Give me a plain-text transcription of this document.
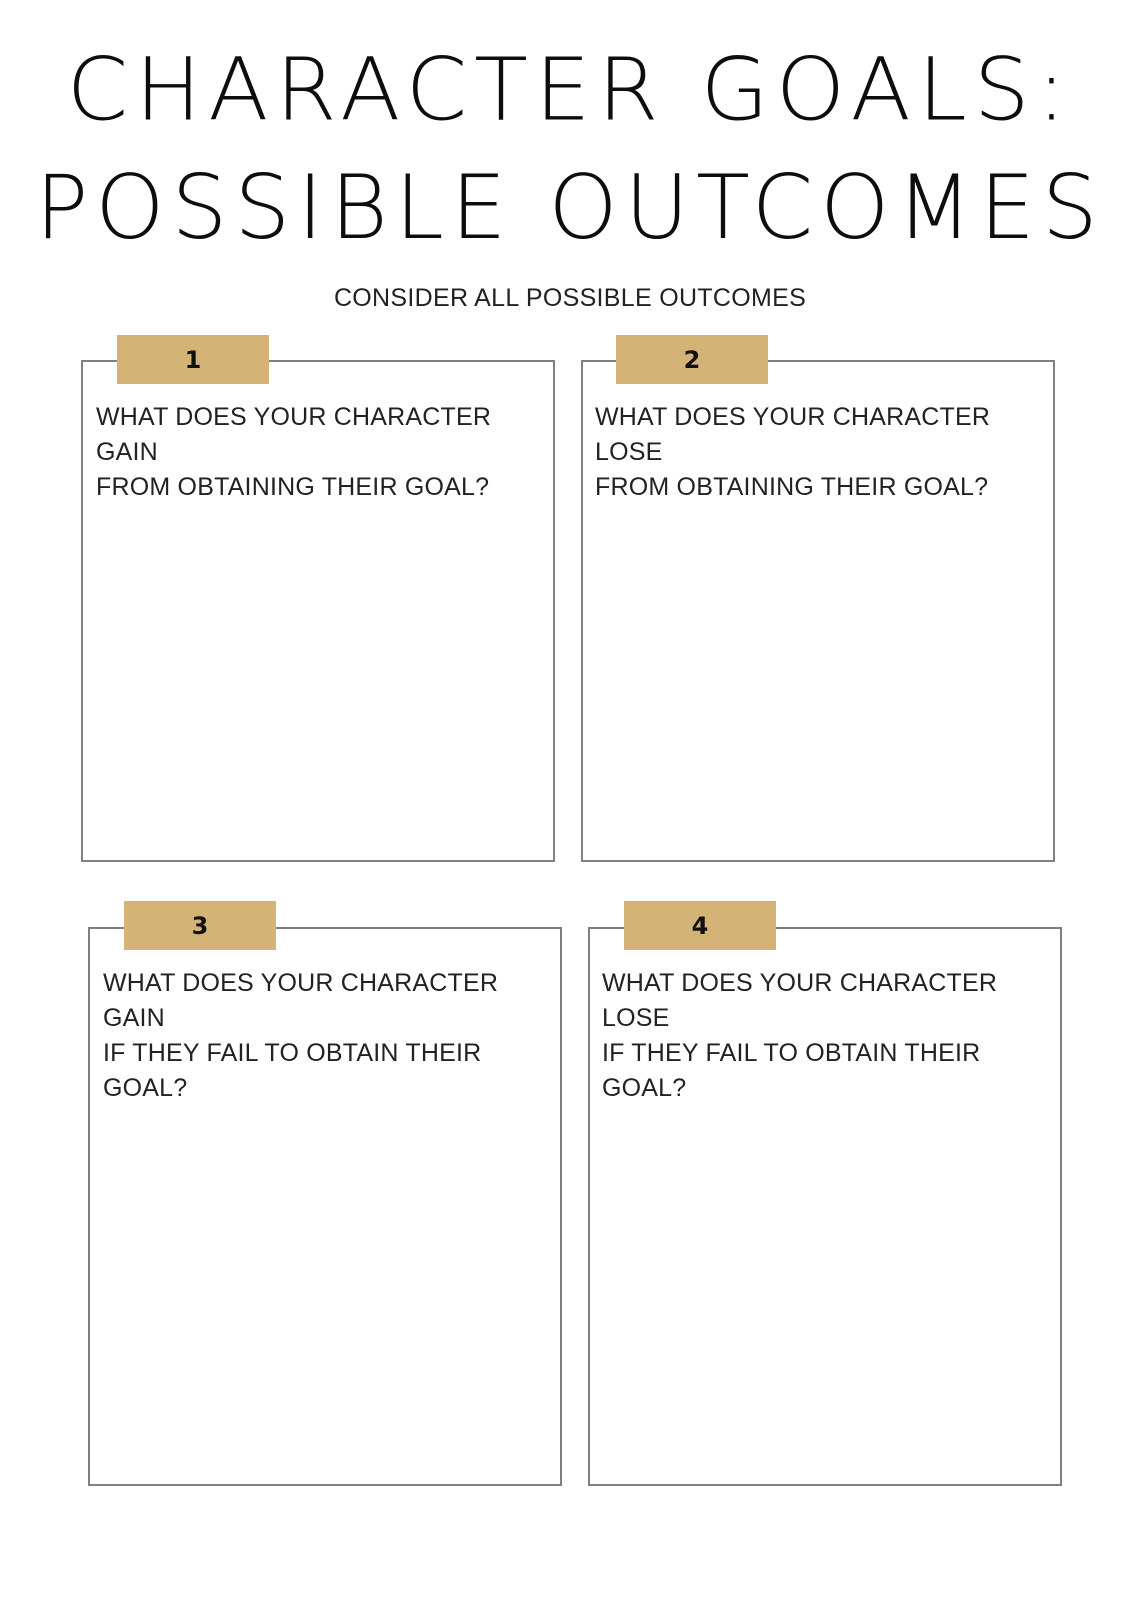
CHARACTER GOALS:
POSSIBLE OUTCOMES
CONSIDER ALL POSSIBLE OUTCOMES
1
WHAT DOES YOUR CHARACTER GAIN
FROM OBTAINING THEIR GOAL?
2
WHAT DOES YOUR CHARACTER LOSE
FROM OBTAINING THEIR GOAL?
3
WHAT DOES YOUR CHARACTER GAIN
IF THEY FAIL TO OBTAIN THEIR GOAL?
4
WHAT DOES YOUR CHARACTER LOSE
IF THEY FAIL TO OBTAIN THEIR GOAL?
